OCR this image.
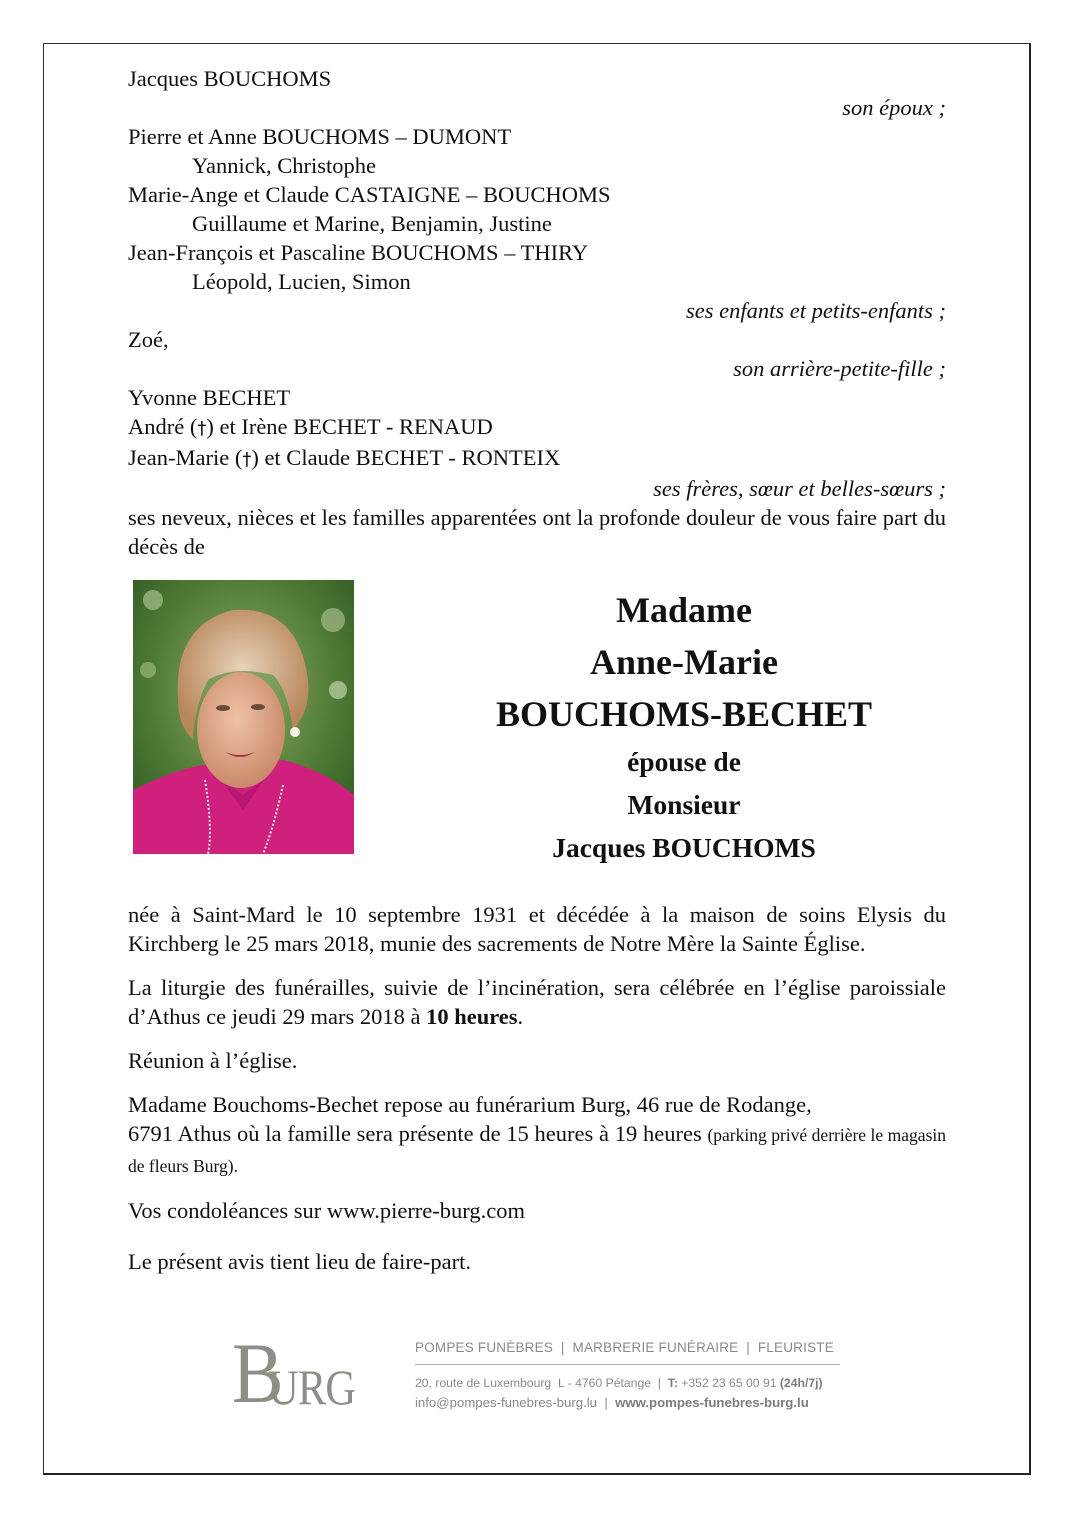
Jacques BOUCHOMS
son époux ;
Pierre et Anne BOUCHOMS – DUMONT
Yannick, Christophe
Marie-Ange et Claude CASTAIGNE – BOUCHOMS
Guillaume et Marine, Benjamin, Justine
Jean-François et Pascaline BOUCHOMS – THIRY
Léopold, Lucien, Simon
ses enfants et petits-enfants ;
Zoé,
son arrière-petite-fille ;
Yvonne BECHET
André (†) et Irène BECHET - RENAUD
Jean-Marie (†) et Claude BECHET - RONTEIX
ses frères, sœur et belles-sœurs ;
ses neveux, nièces et les familles apparentées ont la profonde douleur de vous faire part du décès de
Madame
Anne-Marie
BOUCHOMS-BECHET
épouse de
Monsieur
Jacques BOUCHOMS
née à Saint-Mard le 10 septembre 1931 et décédée à la maison de soins Elysis du Kirchberg le 25 mars 2018, munie des sacrements de Notre Mère la Sainte Église.
La liturgie des funérailles, suivie de l’incinération, sera célébrée en l’église paroissiale d’Athus ce jeudi 29 mars 2018 à 10 heures.
Réunion à l’église.
Madame Bouchoms-Bechet repose au funérarium Burg, 46 rue de Rodange,
6791 Athus où la famille sera présente de 15 heures à 19 heures (parking privé derrière le magasin de fleurs Burg).
Vos condoléances sur www.pierre-burg.com
Le présent avis tient lieu de faire-part.
B
URG
POMPES FUNÈBRES  |  MARBRERIE FUNÉRAIRE  |  FLEURISTE
20, route de Luxembourg  L - 4760 Pétange  |  T: +352 23 65 00 91 (24h/7j)
info@pompes-funebres-burg.lu  |  www.pompes-funebres-burg.lu
